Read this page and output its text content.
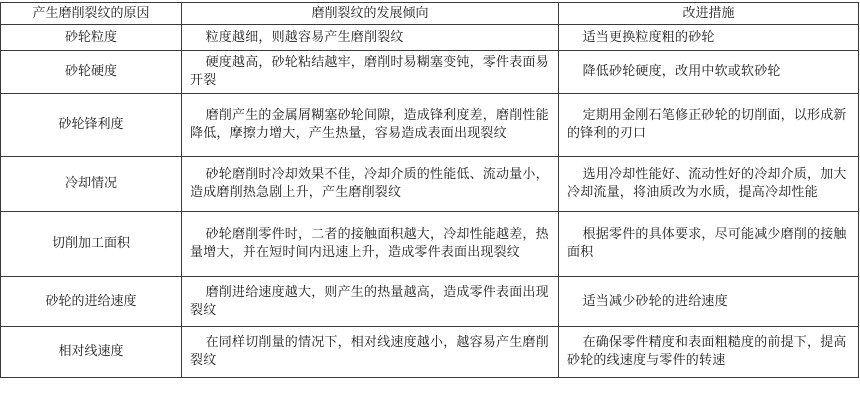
产生磨削裂纹的原因	磨削裂纹的发展倾向	改进措施
砂轮粒度	粒度越细，则越容易产生磨削裂纹	适当更换粒度粗的砂轮
砂轮硬度	硬度越高，砂轮粘结越牢，磨削时易糊塞变钝，零件表面易开裂	降低砂轮硬度，改用中软或软砂轮
砂轮锋利度	磨削产生的金属屑糊塞砂轮间隙，造成锋利度差，磨削性能降低，摩擦力增大，产生热量，容易造成表面出现裂纹	定期用金刚石笔修正砂轮的切削面，以形成新的锋利的刃口
冷却情况	砂轮磨削时冷却效果不佳，冷却介质的性能低、流动量小，造成磨削热急剧上升，产生磨削裂纹	选用冷却性能好、流动性好的冷却介质，加大冷却流量，将油质改为水质，提高冷却性能
切削加工面积	砂轮磨削零件时，二者的接触面积越大，冷却性能越差，热量增大，并在短时间内迅速上升，造成零件表面出现裂纹	根据零件的具体要求，尽可能减少磨削的接触面积
砂轮的进给速度	磨削进给速度越大，则产生的热量越高，造成零件表面出现裂纹	适当减少砂轮的进给速度
相对线速度	在同样切削量的情况下，相对线速度越小，越容易产生磨削裂纹	在确保零件精度和表面粗糙度的前提下，提高砂轮的线速度与零件的转速
